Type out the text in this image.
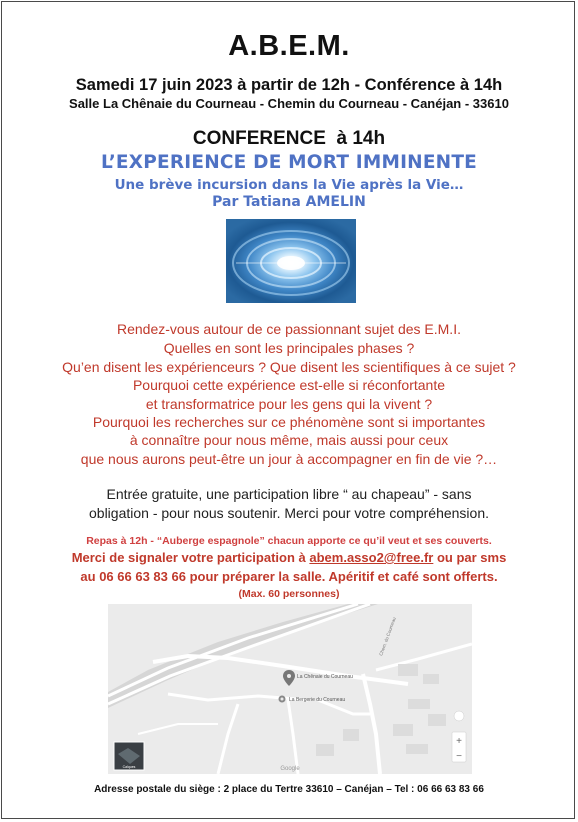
A.B.E.M.
Samedi 17 juin 2023 à partir de 12h - Conférence à 14h
Salle La Chênaie du Courneau - Chemin du Courneau - Canéjan - 33610
CONFERENCE à 14h
L’EXPERIENCE DE MORT IMMINENTE
Une brève incursion dans la Vie après la Vie…
Par Tatiana AMELIN
Rendez-vous autour de ce passionnant sujet des E.M.I.
Quelles en sont les principales phases ?
Qu’en disent les expérienceurs ? Que disent les scientifiques à ce sujet ?
Pourquoi cette expérience est-elle si réconfortante
et transformatrice pour les gens qui la vivent ?
Pourquoi les recherches sur ce phénomène sont si importantes
à connaître pour nous même, mais aussi pour ceux
que nous aurons peut-être un jour à accompagner en fin de vie ?…
Entrée gratuite, une participation libre “ au chapeau” - sans
obligation - pour nous soutenir. Merci pour votre compréhension.
Repas à 12h - “Auberge espagnole” chacun apporte ce qu’il veut et ses couverts.
Merci de signaler votre participation à abem.asso2@free.fr ou par sms
au 06 66 63 83 66 pour préparer la salle. Apéritif et café sont offerts.
(Max. 60 personnes)
La Chênaie du Courneau
La Bergerie du Courneau
Chem. du Courneau
Calques	Google
+
−
Adresse postale du siège : 2 place du Tertre 33610 – Canéjan – Tel : 06 66 63 83 66
